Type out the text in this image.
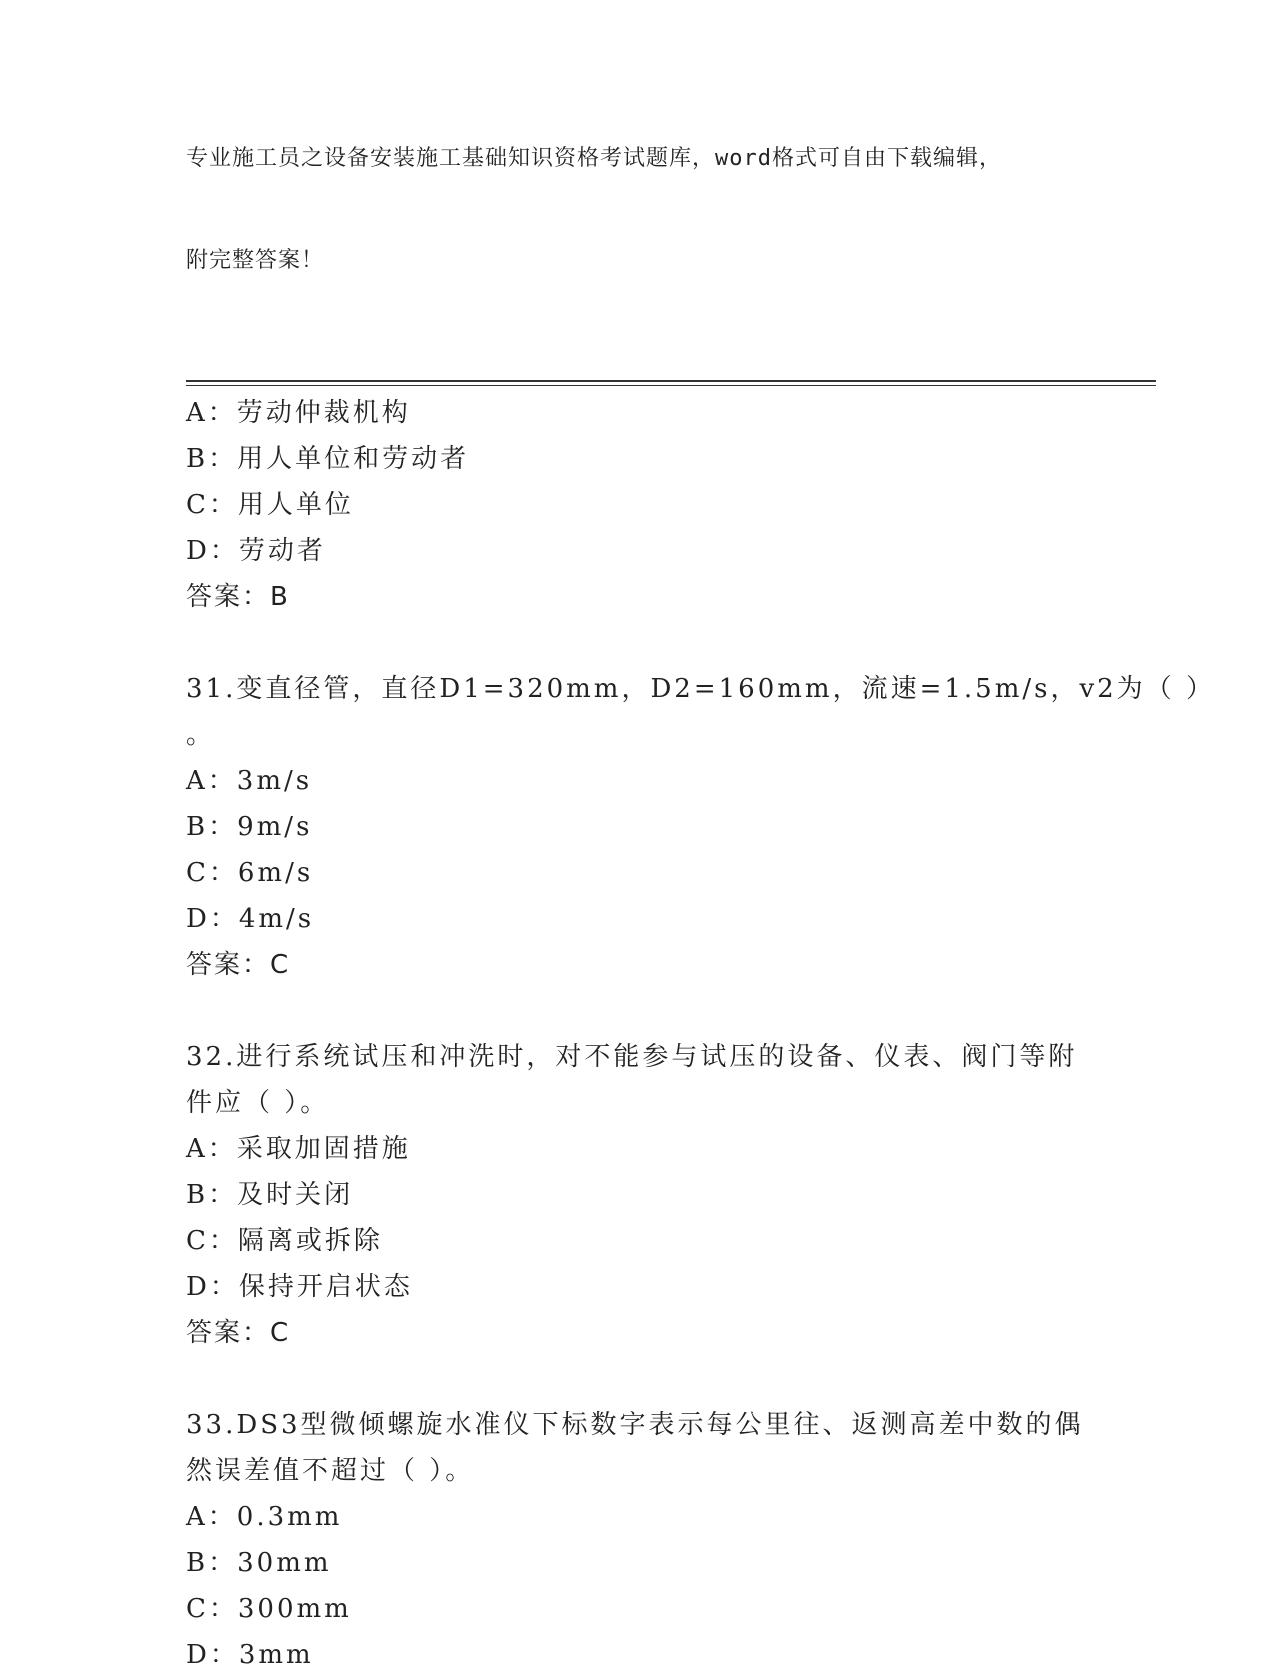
专业施工员之设备安装施工基础知识资格考试题库，word格式可自由下载编辑，

附完整答案！

A：劳动仲裁机构
B：用人单位和劳动者
C：用人单位
D：劳动者
答案：B
31.变直径管，直径D1=320mm，D2=160mm，流速=1.5m/s，v2为（ ）
。
A：3m/s
B：9m/s
C：6m/s
D：4m/s
答案：C
32.进行系统试压和冲洗时，对不能参与试压的设备、仪表、阀门等附
件应（ ）。
A：采取加固措施
B：及时关闭
C：隔离或拆除
D：保持开启状态
答案：C
33.DS3型微倾螺旋水准仪下标数字表示每公里往、返测高差中数的偶
然误差值不超过（ ）。
A：0.3mm
B：30mm
C：300mm
D：3mm
